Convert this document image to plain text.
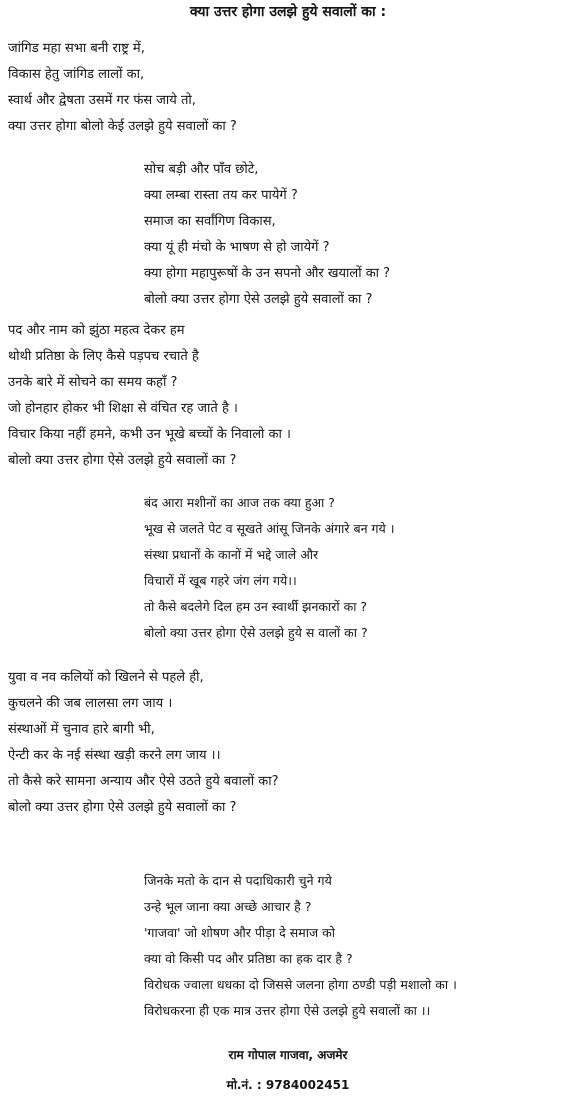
क्या उत्तर होगा उलझे हुये सवालों का :
जांगिड महा सभा बनी राष्ट्र में,
विकास हेतु जांगिड लालों का,
स्वार्थ और द्वेषता उसमें गर फंस जाये तो,
क्या उत्तर होगा बोलो केई उलझे हुये सवालों का ?
सोच बड़ी और पाँव छोटे,
क्या लम्बा रास्ता तय कर पायेगें ?
समाज का सर्वांगिण विकास,
क्या यूं ही मंचो के भाषण से हो जायेगें ?
क्या होगा महापुरूषों के उन सपनो और खयालों का ?
बोलो क्या उत्तर होगा ऐसे उलझे हुये सवालों का ?
पद और नाम को झुंठा महत्व देकर हम
थोथी प्रतिष्ठा के लिए कैसे पड़पच रचाते है
उनके बारे में सोचने का समय कहाँ ?
जो होनहार होकर भी शिक्षा से वंचित रह जाते है ।
विचार किया नहीं हमने, कभी उन भूखे बच्चों के निवालो का ।
बोलो क्या उत्तर होगा ऐसे उलझे हुये सवालों का ?
बंद आरा मशीनों का आज तक क्या हुआ ?
भूख से जलते पेट व सूखते आंसू जिनके अंगारे बन गये ।
संस्था प्रधानों के कानों में भद्दे जाले और
विचारों में खूब गहरे जंग लंग गये।।
तो कैसे बदलेगे दिल हम उन स्वार्थी झनकारों का ?
बोलो क्या उत्तर होगा ऐसे उलझे हुये स वालों का ?
युवा व नव कलियों को खिलने से पहले ही,
कुचलने की जब लालसा लग जाय ।
संस्थाओं में चुनाव हारे बागी भी,
ऐन्टी कर के नई संस्था खड़ी करने लग जाय ।।
तो कैसे करे सामना अन्याय और ऐसे उठते हुये बवालों का?
बोलो क्या उत्तर होगा ऐसे उलझे हुये सवालों का ?
जिनके मतो के दान से पदाधिकारी चुने गये
उन्हे भूल जाना क्या अच्छे आचार है ?
'गाजवा' जो शोषण और पीड़ा दे समाज को
क्या वो किसी पद और प्रतिष्ठा का हक दार है ?
विरोधक ज्वाला धधका दो जिससे जलना होगा ठण्डी पड़ी मशालो का ।
विरोधकरना ही एक मात्र उत्तर होगा ऐसे उलझे हुये सवालों का ।।
राम गोपाल गाजवा, अजमेर
मो.नं. : 9784002451
